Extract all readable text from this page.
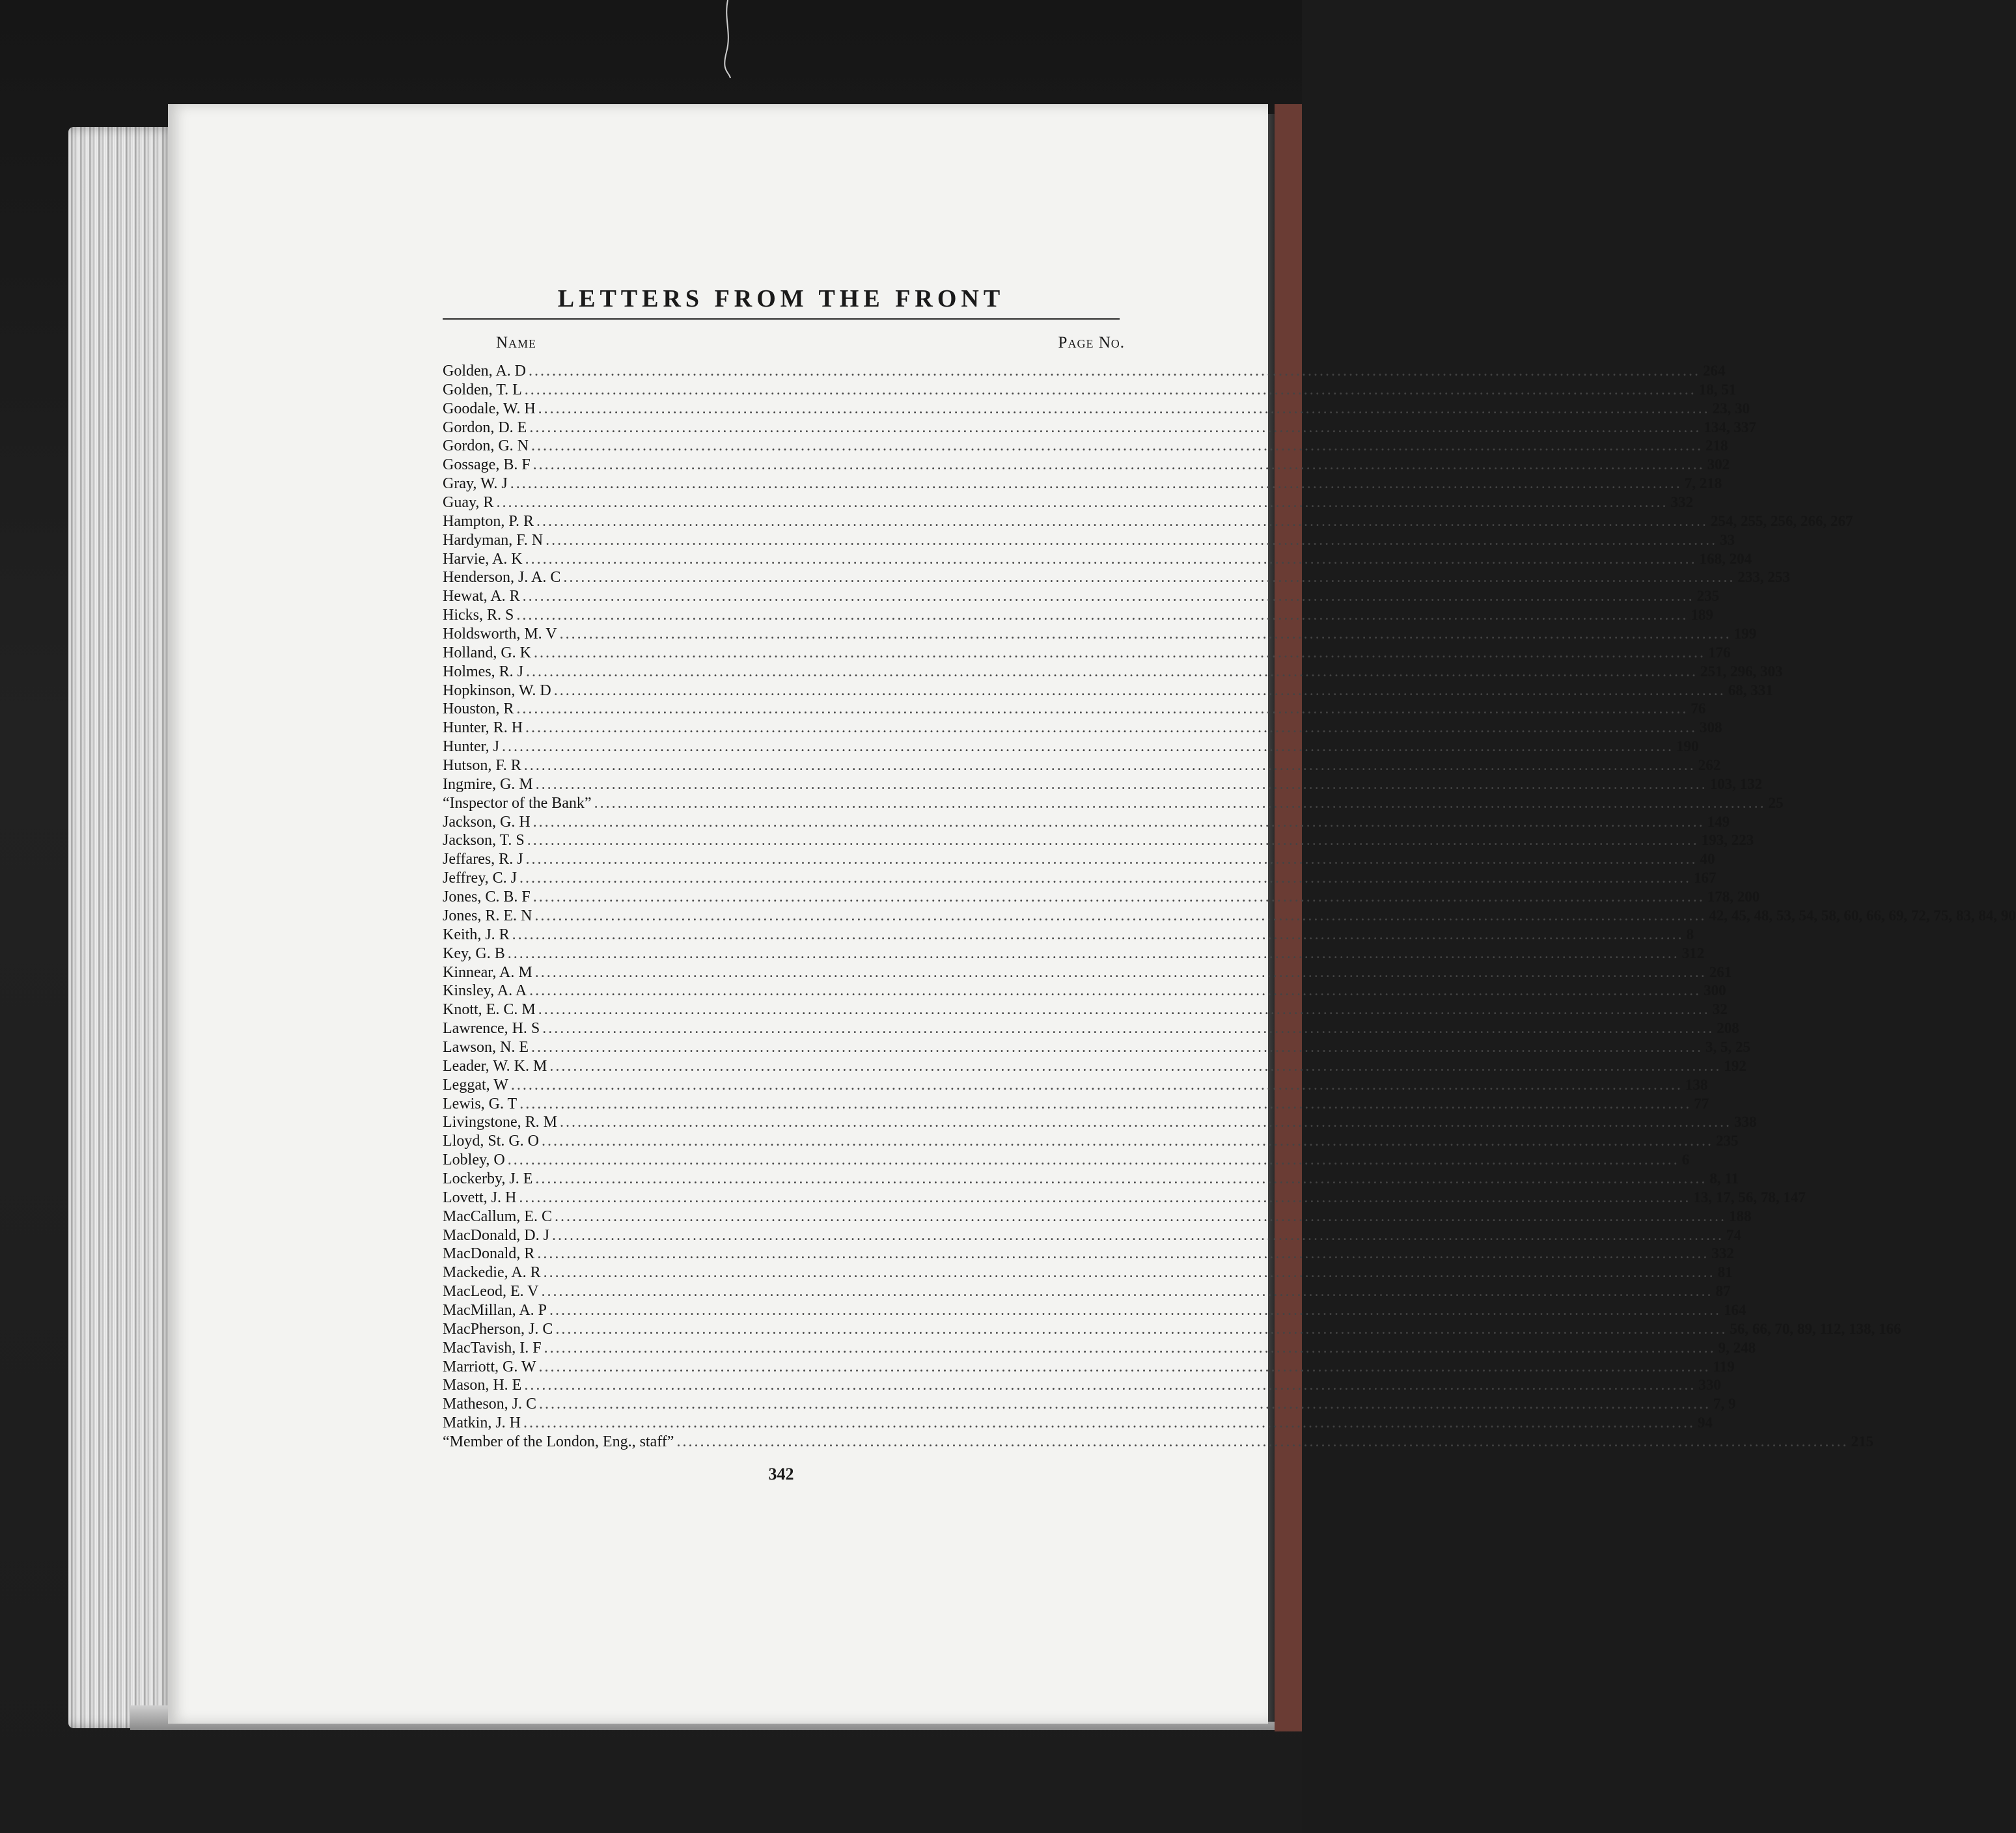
LETTERS FROM THE FRONT
Name	Page No.
Golden, A. D ........................................................................................................................................................................................................ 264
Golden, T. L ........................................................................................................................................................................................................ 18, 51
Goodale, W. H ........................................................................................................................................................................................................ 23, 30
Gordon, D. E ........................................................................................................................................................................................................ 134, 337
Gordon, G. N ........................................................................................................................................................................................................ 218
Gossage, B. F ........................................................................................................................................................................................................ 302
Gray, W. J ........................................................................................................................................................................................................ 7, 218
Guay, R ........................................................................................................................................................................................................ 332
Hampton, P. R ........................................................................................................................................................................................................ 254, 255, 256, 266, 267
Hardyman, F. N ........................................................................................................................................................................................................ 33
Harvie, A. K ........................................................................................................................................................................................................ 168, 204
Henderson, J. A. C ........................................................................................................................................................................................................ 233, 253
Hewat, A. R ........................................................................................................................................................................................................ 235
Hicks, R. S ........................................................................................................................................................................................................ 189
Holdsworth, M. V ........................................................................................................................................................................................................ 199
Holland, G. K ........................................................................................................................................................................................................ 176
Holmes, R. J ........................................................................................................................................................................................................ 251, 296, 303
Hopkinson, W. D ........................................................................................................................................................................................................ 68, 331
Houston, R ........................................................................................................................................................................................................ 76
Hunter, R. H ........................................................................................................................................................................................................ 308
Hunter, J ........................................................................................................................................................................................................ 190
Hutson, F. R ........................................................................................................................................................................................................ 262
Ingmire, G. M ........................................................................................................................................................................................................ 103, 132
“Inspector of the Bank” ........................................................................................................................................................................................................ 25
Jackson, G. H ........................................................................................................................................................................................................ 149
Jackson, T. S ........................................................................................................................................................................................................ 193, 223
Jeffares, R. J ........................................................................................................................................................................................................ 40
Jeffrey, C. J ........................................................................................................................................................................................................ 167
Jones, C. B. F ........................................................................................................................................................................................................ 178, 200
Jones, R. E. N ........................................................................................................................................................................................................ 42, 45, 48, 53, 54, 58, 60, 66, 69, 72, 75, 83, 84, 90
Keith, J. R ........................................................................................................................................................................................................ 8
Key, G. B ........................................................................................................................................................................................................ 312
Kinnear, A. M ........................................................................................................................................................................................................ 261
Kinsley, A. A ........................................................................................................................................................................................................ 300
Knott, E. C. M ........................................................................................................................................................................................................ 32
Lawrence, H. S ........................................................................................................................................................................................................ 208
Lawson, N. E ........................................................................................................................................................................................................ 3, 5, 25
Leader, W. K. M ........................................................................................................................................................................................................ 192
Leggat, W ........................................................................................................................................................................................................ 138
Lewis, G. T ........................................................................................................................................................................................................ 77
Livingstone, R. M ........................................................................................................................................................................................................ 338
Lloyd, St. G. O ........................................................................................................................................................................................................ 235
Lobley, O ........................................................................................................................................................................................................ 6
Lockerby, J. E ........................................................................................................................................................................................................ 8, 11
Lovett, J. H ........................................................................................................................................................................................................ 13, 17, 56, 78, 147
MacCallum, E. C ........................................................................................................................................................................................................ 188
MacDonald, D. J ........................................................................................................................................................................................................ 74
MacDonald, R ........................................................................................................................................................................................................ 332
Mackedie, A. R ........................................................................................................................................................................................................ 81
MacLeod, E. V ........................................................................................................................................................................................................ 87
MacMillan, A. P ........................................................................................................................................................................................................ 164
MacPherson, J. C ........................................................................................................................................................................................................ 56, 66, 70, 89, 112, 138, 166
MacTavish, I. F ........................................................................................................................................................................................................ 9, 248
Marriott, G. W ........................................................................................................................................................................................................ 119
Mason, H. E ........................................................................................................................................................................................................ 330
Matheson, J. C ........................................................................................................................................................................................................ 7, 9
Matkin, J. H ........................................................................................................................................................................................................ 94
“Member of the London, Eng., staff” ........................................................................................................................................................................................................ 215
342
